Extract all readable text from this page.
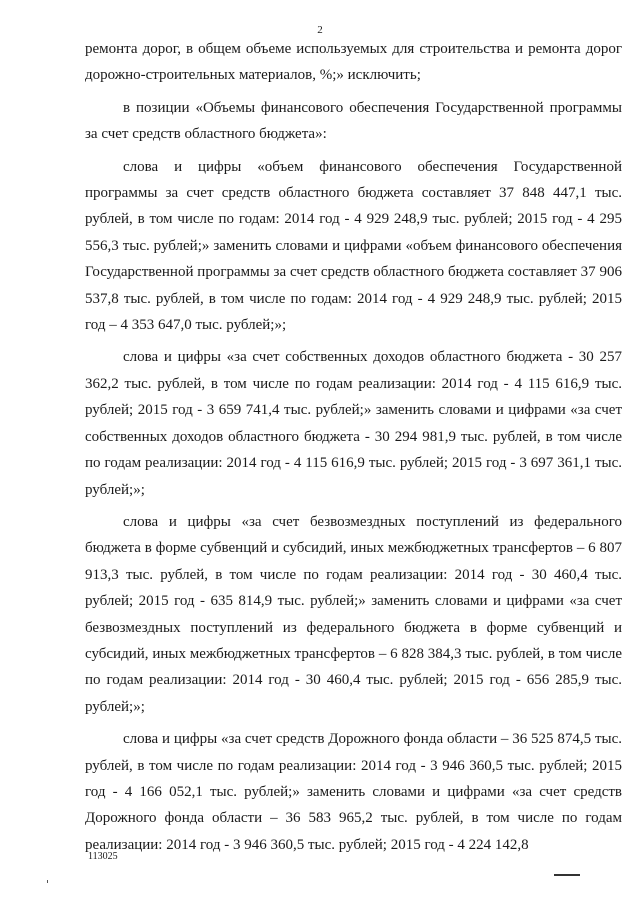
2

ремонта дорог, в общем объеме используемых для строительства и ремонта дорог дорожно-строительных материалов, %;» исключить;

в позиции «Объемы финансового обеспечения Государственной программы за счет средств областного бюджета»:

слова и цифры «объем финансового обеспечения Государственной программы за счет средств областного бюджета составляет 37 848 447,1 тыс. рублей, в том числе по годам: 2014 год - 4 929 248,9 тыс. рублей; 2015 год - 4 295 556,3 тыс. рублей;» заменить словами и цифрами «объем финансового обеспечения Государственной программы за счет средств областного бюджета составляет 37 906 537,8 тыс. рублей, в том числе по годам: 2014 год - 4 929 248,9 тыс. рублей; 2015 год – 4 353 647,0 тыс. рублей;»;

слова и цифры «за счет собственных доходов областного бюджета - 30 257 362,2 тыс. рублей, в том числе по годам реализации: 2014 год - 4 115 616,9 тыс. рублей; 2015 год - 3 659 741,4 тыс. рублей;» заменить словами и цифрами «за счет собственных доходов областного бюджета - 30 294 981,9 тыс. рублей, в том числе по годам реализации: 2014 год - 4 115 616,9 тыс. рублей; 2015 год - 3 697 361,1 тыс. рублей;»;

слова и цифры «за счет безвозмездных поступлений из федерального бюджета в форме субвенций и субсидий, иных межбюджетных трансфертов – 6 807 913,3 тыс. рублей, в том числе по годам реализации: 2014 год - 30 460,4 тыс. рублей; 2015 год - 635 814,9 тыс. рублей;» заменить словами и цифрами «за счет безвозмездных поступлений из федерального бюджета в форме субвенций и субсидий, иных межбюджетных трансфертов – 6 828 384,3 тыс. рублей, в том числе по годам реализации: 2014 год - 30 460,4 тыс. рублей; 2015 год - 656 285,9 тыс. рублей;»;

слова и цифры «за счет средств Дорожного фонда области – 36 525 874,5 тыс. рублей, в том числе по годам реализации: 2014 год - 3 946 360,5 тыс. рублей; 2015 год - 4 166 052,1 тыс. рублей;» заменить словами и цифрами «за счет средств Дорожного фонда области – 36 583 965,2 тыс. рублей, в том числе по годам реализации: 2014 год - 3 946 360,5 тыс. рублей; 2015 год - 4 224 142,8

113025
